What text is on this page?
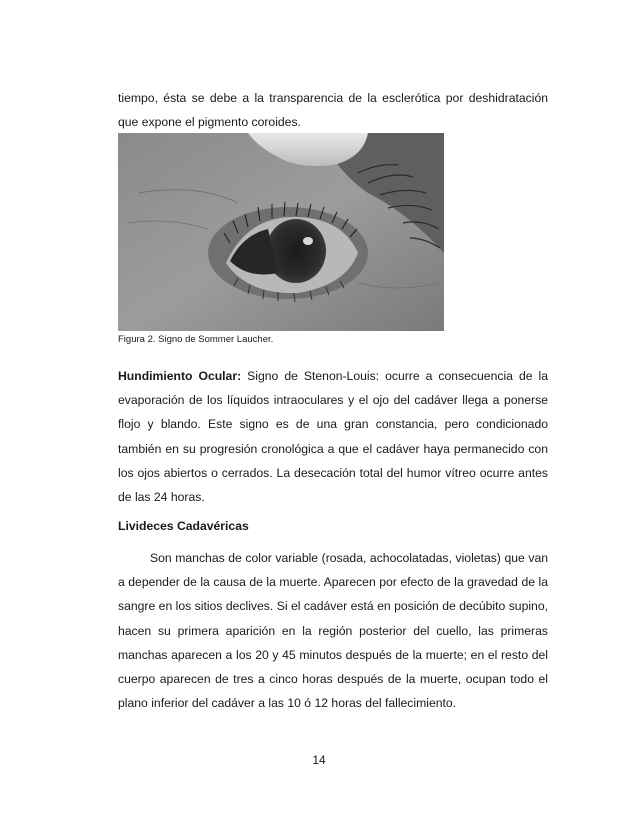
tiempo, ésta se debe a la transparencia de la esclerótica por deshidratación que expone el pigmento coroides.

Figura 2. Signo de Sommer Laucher.

Hundimiento Ocular: Signo de Stenon-Louis: ocurre a consecuencia de la evaporación de los líquidos intraoculares y el ojo del cadáver llega a ponerse flojo y blando. Este signo es de una gran constancia, pero condicionado también en su progresión cronológica a que el cadáver haya permanecido con los ojos abiertos o cerrados. La desecación total del humor vítreo ocurre antes de las 24 horas.

Livideces Cadavéricas

Son manchas de color variable (rosada, achocolatadas, violetas) que van a depender de la causa de la muerte. Aparecen por efecto de la gravedad de la sangre en los sitios declives. Si el cadáver está en posición de decúbito supino, hacen su primera aparición en la región posterior del cuello, las primeras manchas aparecen a los 20 y 45 minutos después de la muerte; en el resto del cuerpo aparecen de tres a cinco horas después de la muerte, ocupan todo el plano inferior del cadáver a las 10 ó 12 horas del fallecimiento.

14
